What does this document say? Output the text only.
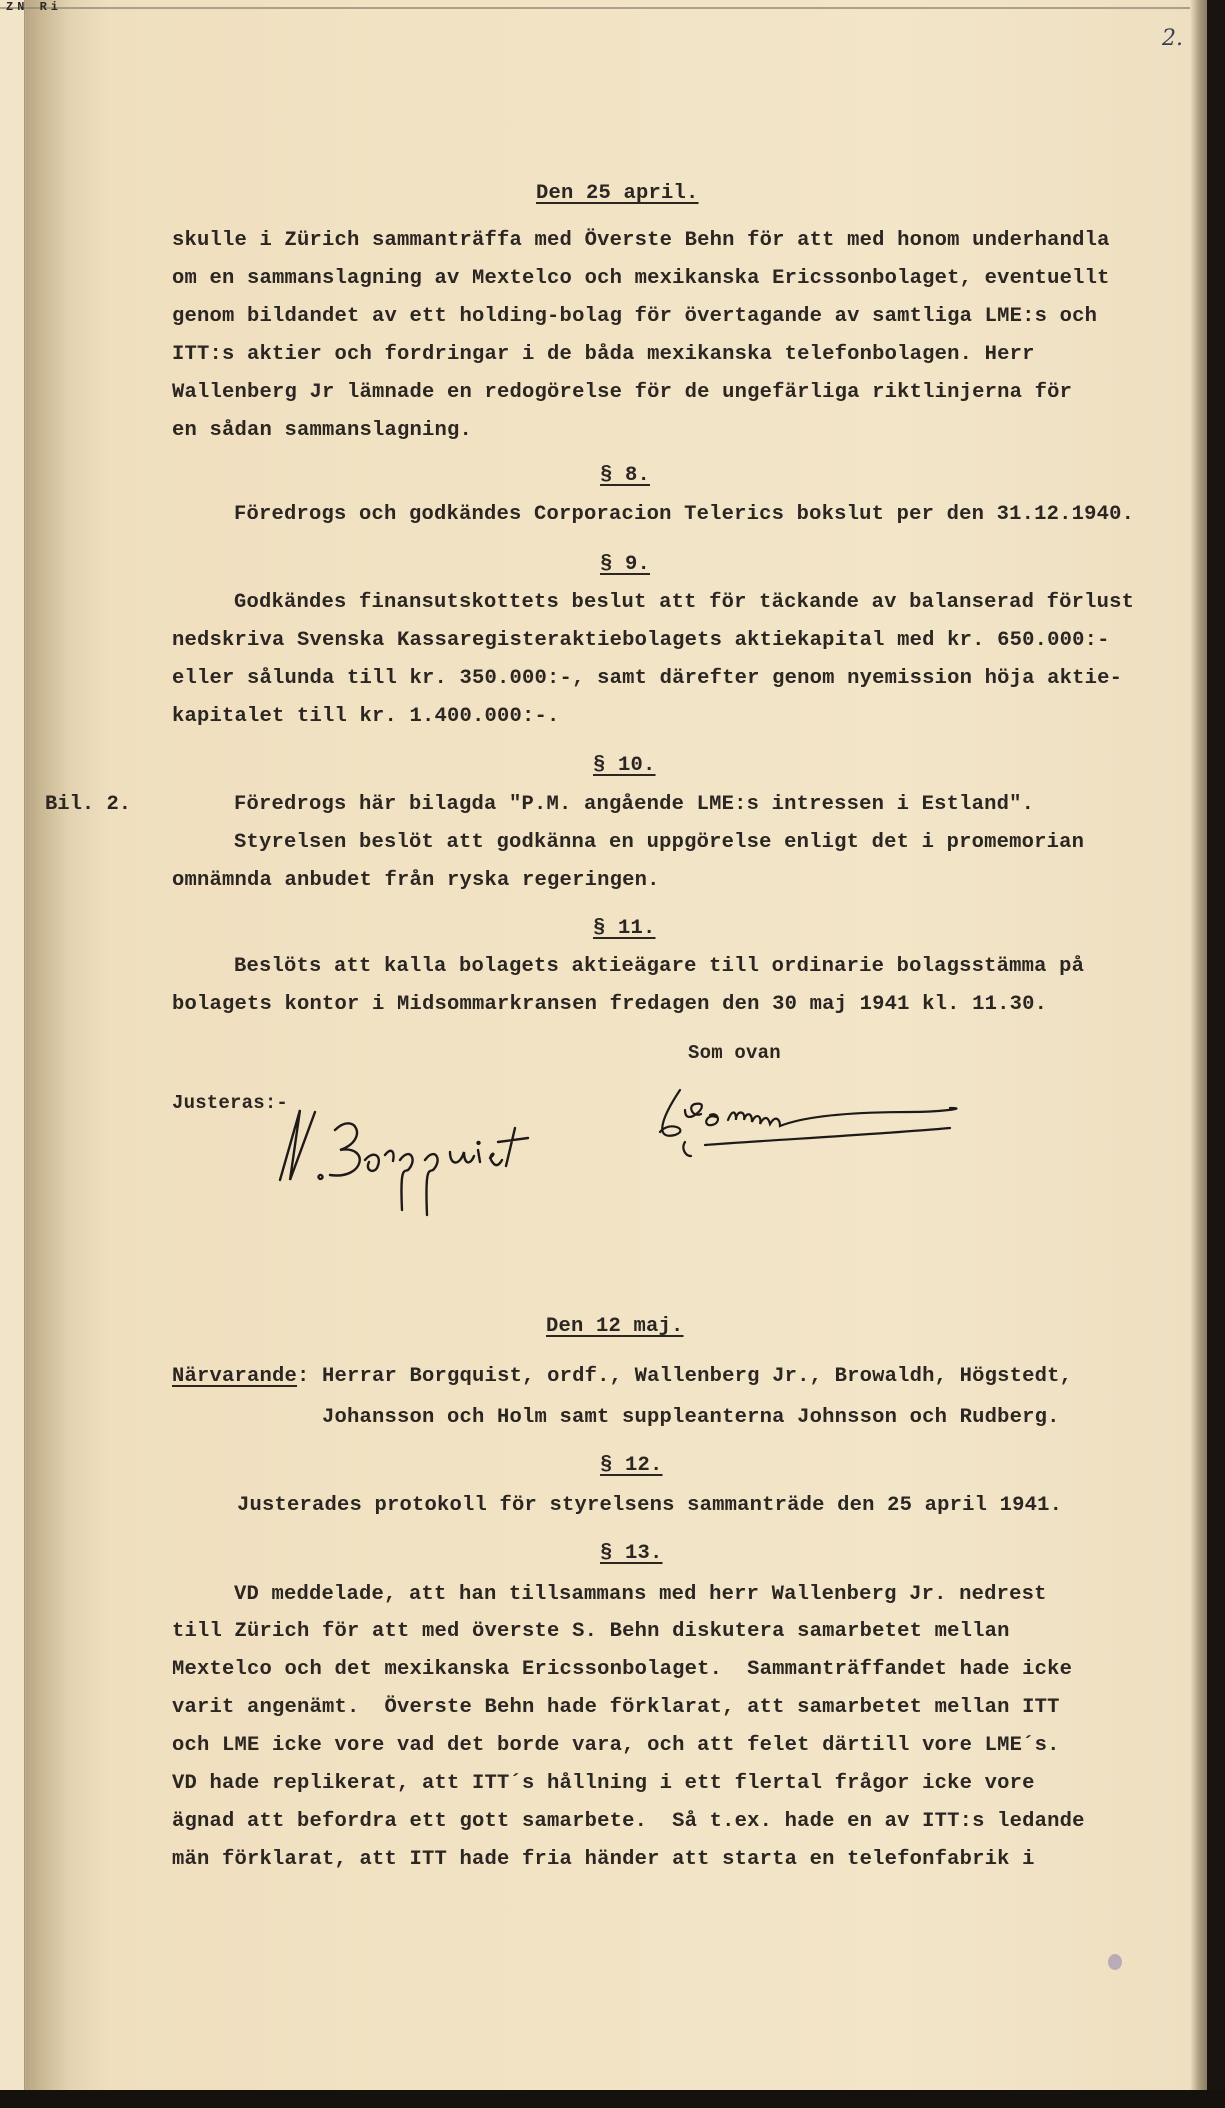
ZN Ri
2.
Den 25 april.
skulle i Zürich sammanträffa med Överste Behn för att med honom underhandla
om en sammanslagning av Mextelco och mexikanska Ericssonbolaget, eventuellt
genom bildandet av ett holding-bolag för övertagande av samtliga LME:s och
ITT:s aktier och fordringar i de båda mexikanska telefonbolagen. Herr
Wallenberg Jr lämnade en redogörelse för de ungefärliga riktlinjerna för
en sådan sammanslagning.
§ 8.
Föredrogs och godkändes Corporacion Telerics bokslut per den 31.12.1940.
§ 9.
Godkändes finansutskottets beslut att för täckande av balanserad förlust
nedskriva Svenska Kassaregisteraktiebolagets aktiekapital med kr. 650.000:-
eller sålunda till kr. 350.000:-, samt därefter genom nyemission höja aktie-
kapitalet till kr. 1.400.000:-.
§ 10.
Bil. 2.	Föredrogs här bilagda "P.M. angående LME:s intressen i Estland".
Styrelsen beslöt att godkänna en uppgörelse enligt det i promemorian
omnämnda anbudet från ryska regeringen.
§ 11.
Beslöts att kalla bolagets aktieägare till ordinarie bolagsstämma på
bolagets kontor i Midsommarkransen fredagen den 30 maj 1941 kl. 11.30.
Som ovan
Justeras:-
Den 12 maj.
Närvarande: Herrar Borgquist, ordf., Wallenberg Jr., Browaldh, Högstedt,
Johansson och Holm samt suppleanterna Johnsson och Rudberg.
§ 12.
Justerades protokoll för styrelsens sammanträde den 25 april 1941.
§ 13.
VD meddelade, att han tillsammans med herr Wallenberg Jr. nedrest
till Zürich för att med överste S. Behn diskutera samarbetet mellan
Mextelco och det mexikanska Ericssonbolaget.  Sammanträffandet hade icke
varit angenämt.  Överste Behn hade förklarat, att samarbetet mellan ITT
och LME icke vore vad det borde vara, och att felet därtill vore LME´s.
VD hade replikerat, att ITT´s hållning i ett flertal frågor icke vore
ägnad att befordra ett gott samarbete.  Så t.ex. hade en av ITT:s ledande
män förklarat, att ITT hade fria händer att starta en telefonfabrik i
